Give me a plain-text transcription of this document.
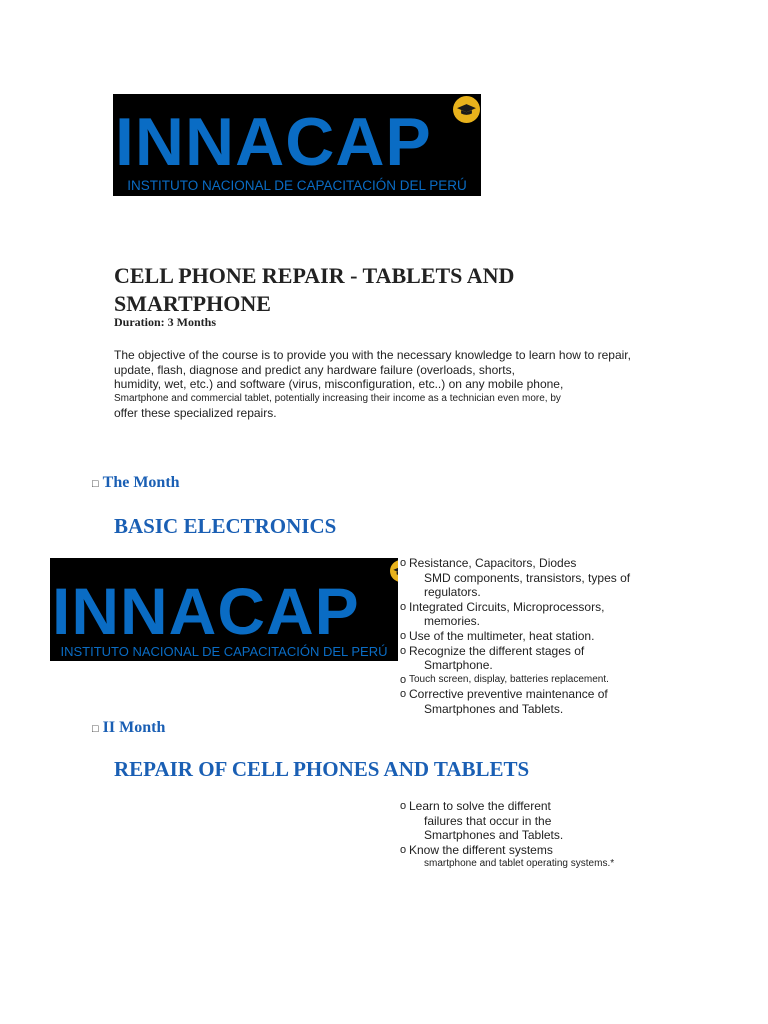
INNACAP
INSTITUTO NACIONAL DE CAPACITACIÓN DEL PERÚ
CELL PHONE REPAIR - TABLETS AND SMARTPHONE
Duration: 3 Months
The objective of the course is to provide you with the necessary knowledge to learn how to repair,
update, flash, diagnose and predict any hardware failure (overloads, shorts,
humidity, wet, etc.) and software (virus, misconfiguration, etc..) on any mobile phone,
Smartphone and commercial tablet, potentially increasing their income as a technician even more, by
offer these specialized repairs.
□ The Month
BASIC ELECTRONICS
INNACAP
INSTITUTO NACIONAL DE CAPACITACIÓN DEL PERÚ
o Resistance, Capacitors, Diodes
SMD components, transistors, types of
regulators.
o Integrated Circuits, Microprocessors,
memories.
o Use of the multimeter, heat station.
o Recognize the different stages of
Smartphone.
o Touch screen, display, batteries replacement.
o Corrective preventive maintenance of
Smartphones and Tablets.
□ II Month
REPAIR OF CELL PHONES AND TABLETS
o Learn to solve the different
failures that occur in the
Smartphones and Tablets.
o Know the different systems
smartphone and tablet operating systems.*
